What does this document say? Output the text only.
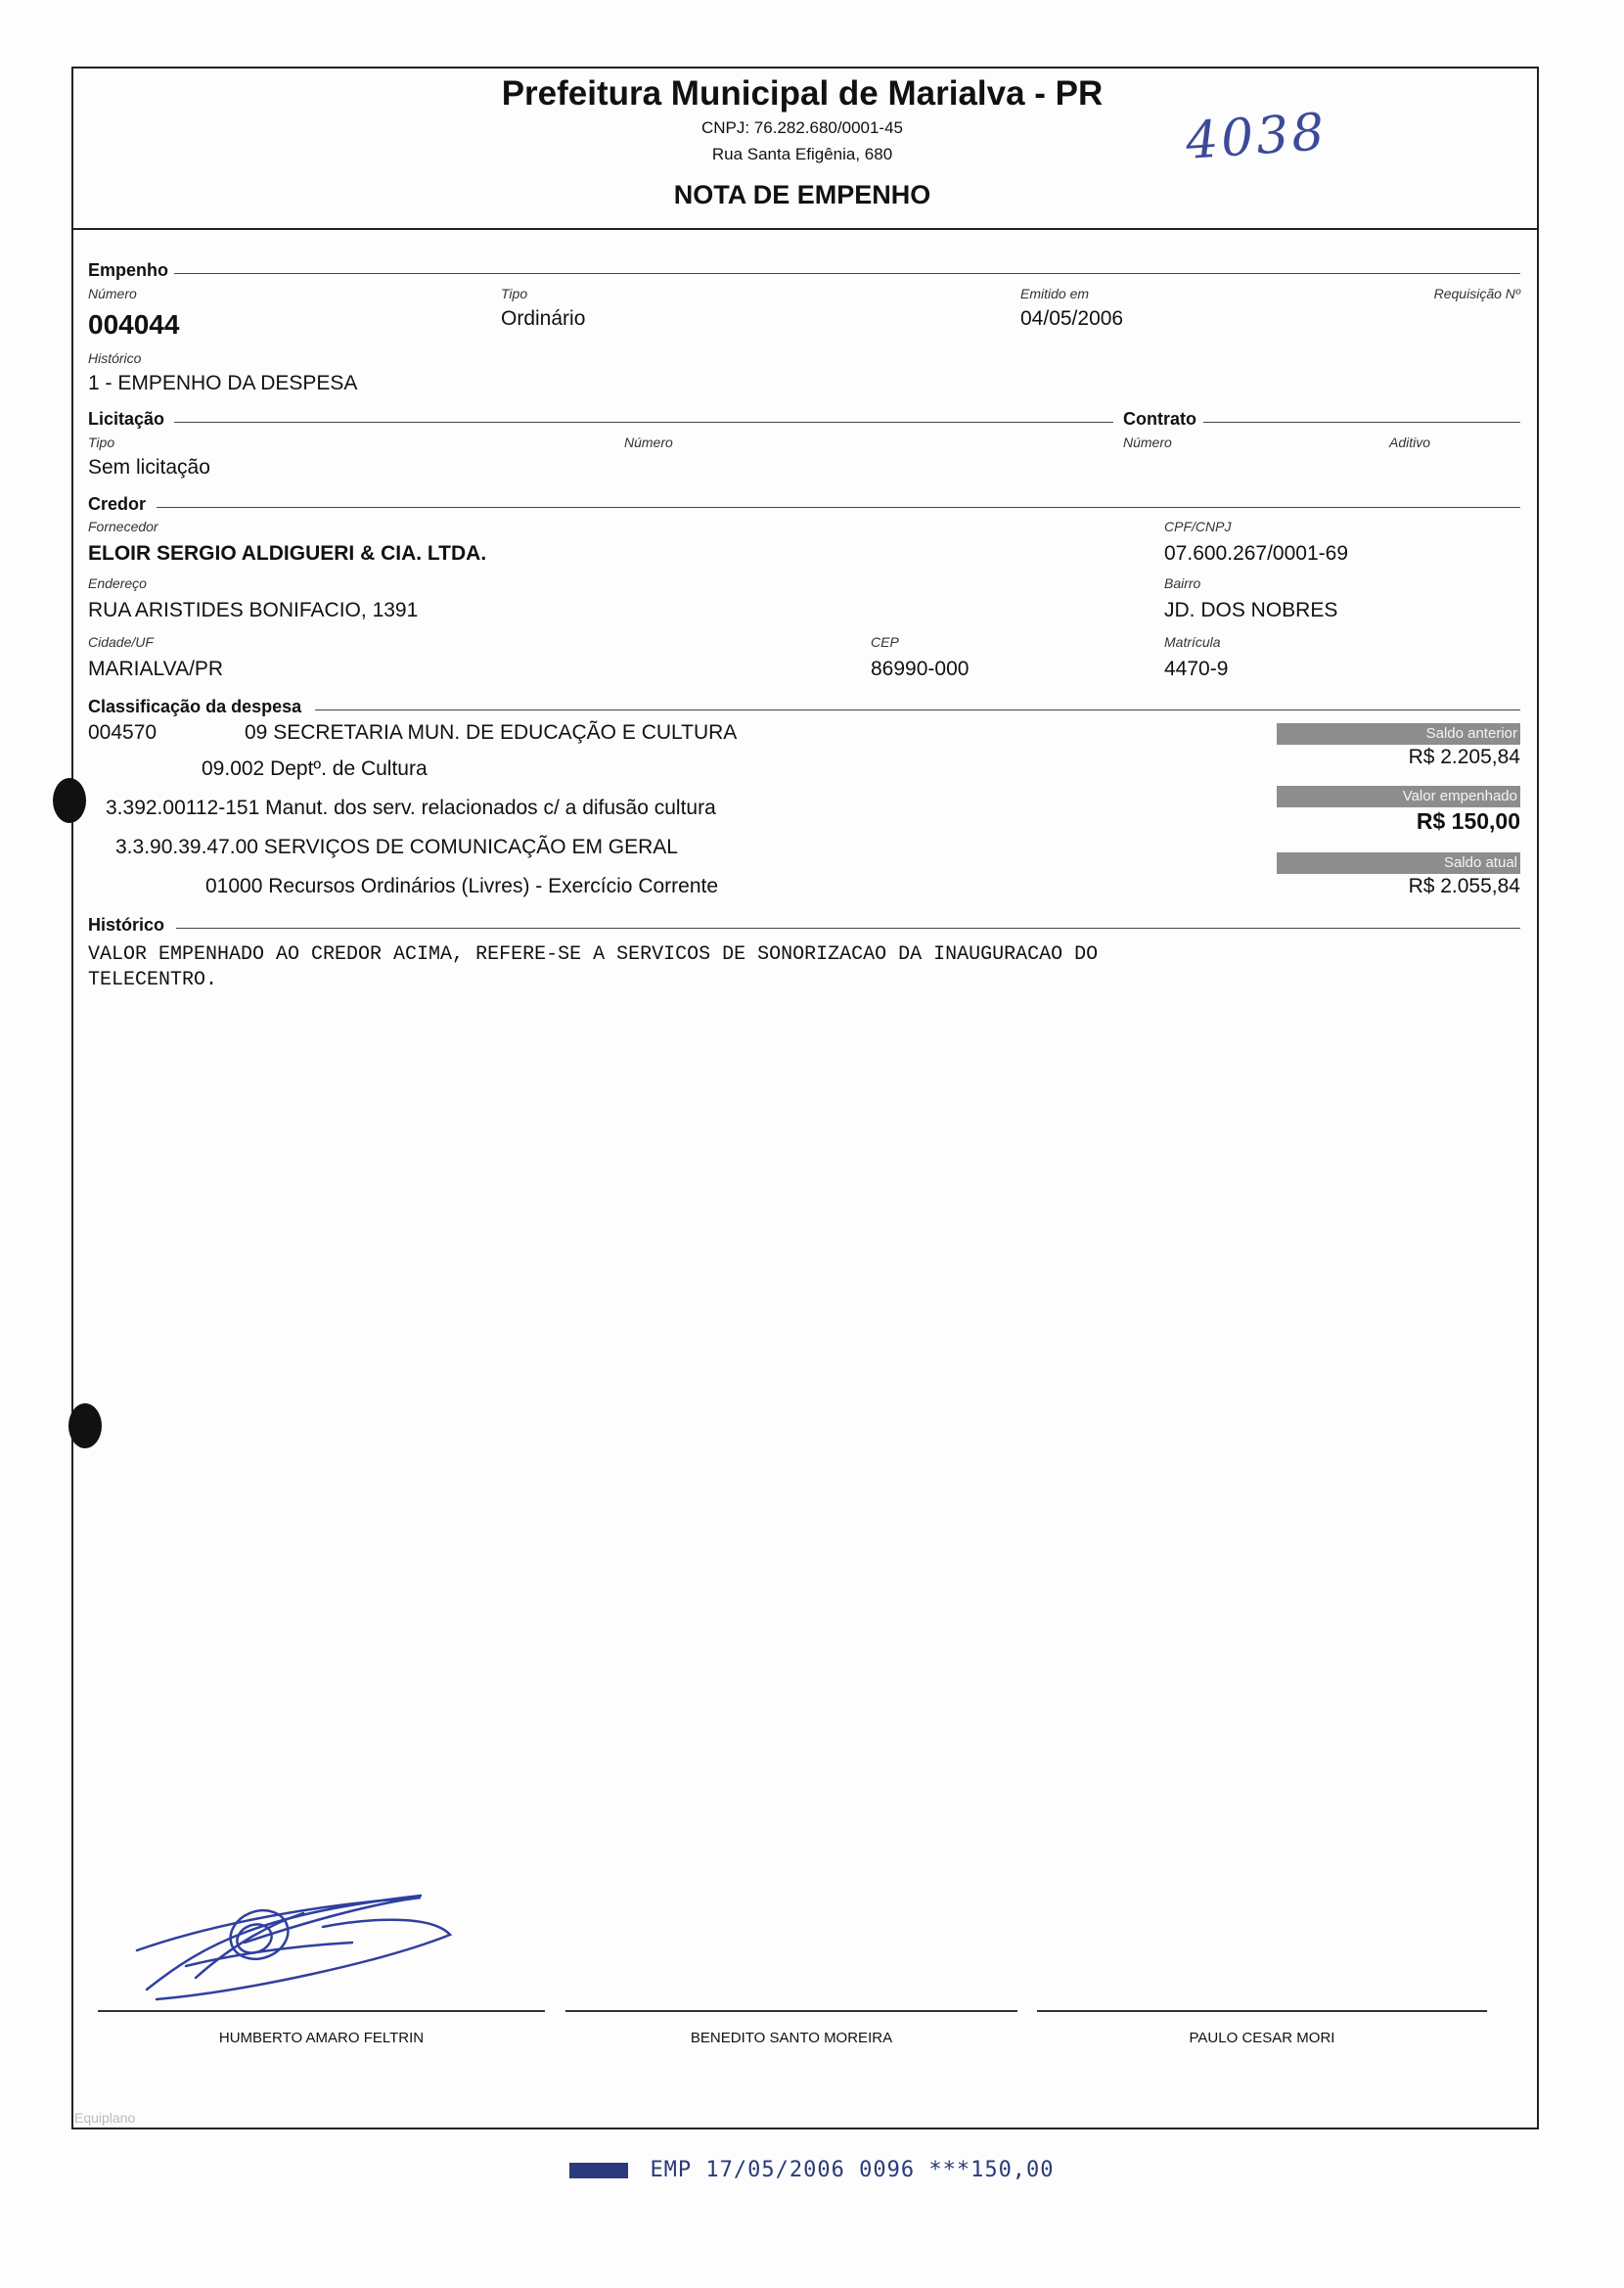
Prefeitura Municipal de Marialva - PR
CNPJ: 76.282.680/0001-45
Rua Santa Efigênia, 680
NOTA DE EMPENHO
4038
Empenho
Número
004044
Tipo
Ordinário
Emitido em
04/05/2006
Requisição Nº
Histórico
1 - EMPENHO DA DESPESA
Licitação	Contrato
Tipo
Sem licitação
Número	Número	Aditivo
Credor
Fornecedor
ELOIR SERGIO ALDIGUERI & CIA. LTDA.
CPF/CNPJ
07.600.267/0001-69
Endereço
RUA ARISTIDES BONIFACIO, 1391
Bairro
JD. DOS NOBRES
Cidade/UF
MARIALVA/PR
CEP
86990-000
Matrícula
4470-9
Classificação da despesa
004570	09 SECRETARIA MUN. DE EDUCAÇÃO E CULTURA
09.002 Deptº. de Cultura
3.392.00112-151 Manut. dos serv. relacionados c/ a difusão cultura
3.3.90.39.47.00 SERVIÇOS DE COMUNICAÇÃO EM GERAL
01000 Recursos Ordinários (Livres) - Exercício Corrente
Saldo anterior
R$ 2.205,84
Valor empenhado
R$ 150,00
Saldo atual
R$ 2.055,84
Histórico
VALOR EMPENHADO AO CREDOR ACIMA, REFERE-SE A SERVICOS DE SONORIZACAO DA INAUGURACAO DO
TELECENTRO.
HUMBERTO AMARO FELTRIN	BENEDITO SANTO MOREIRA	PAULO CESAR MORI
Equiplano
EMP 17/05/2006 0096 ***150,00
